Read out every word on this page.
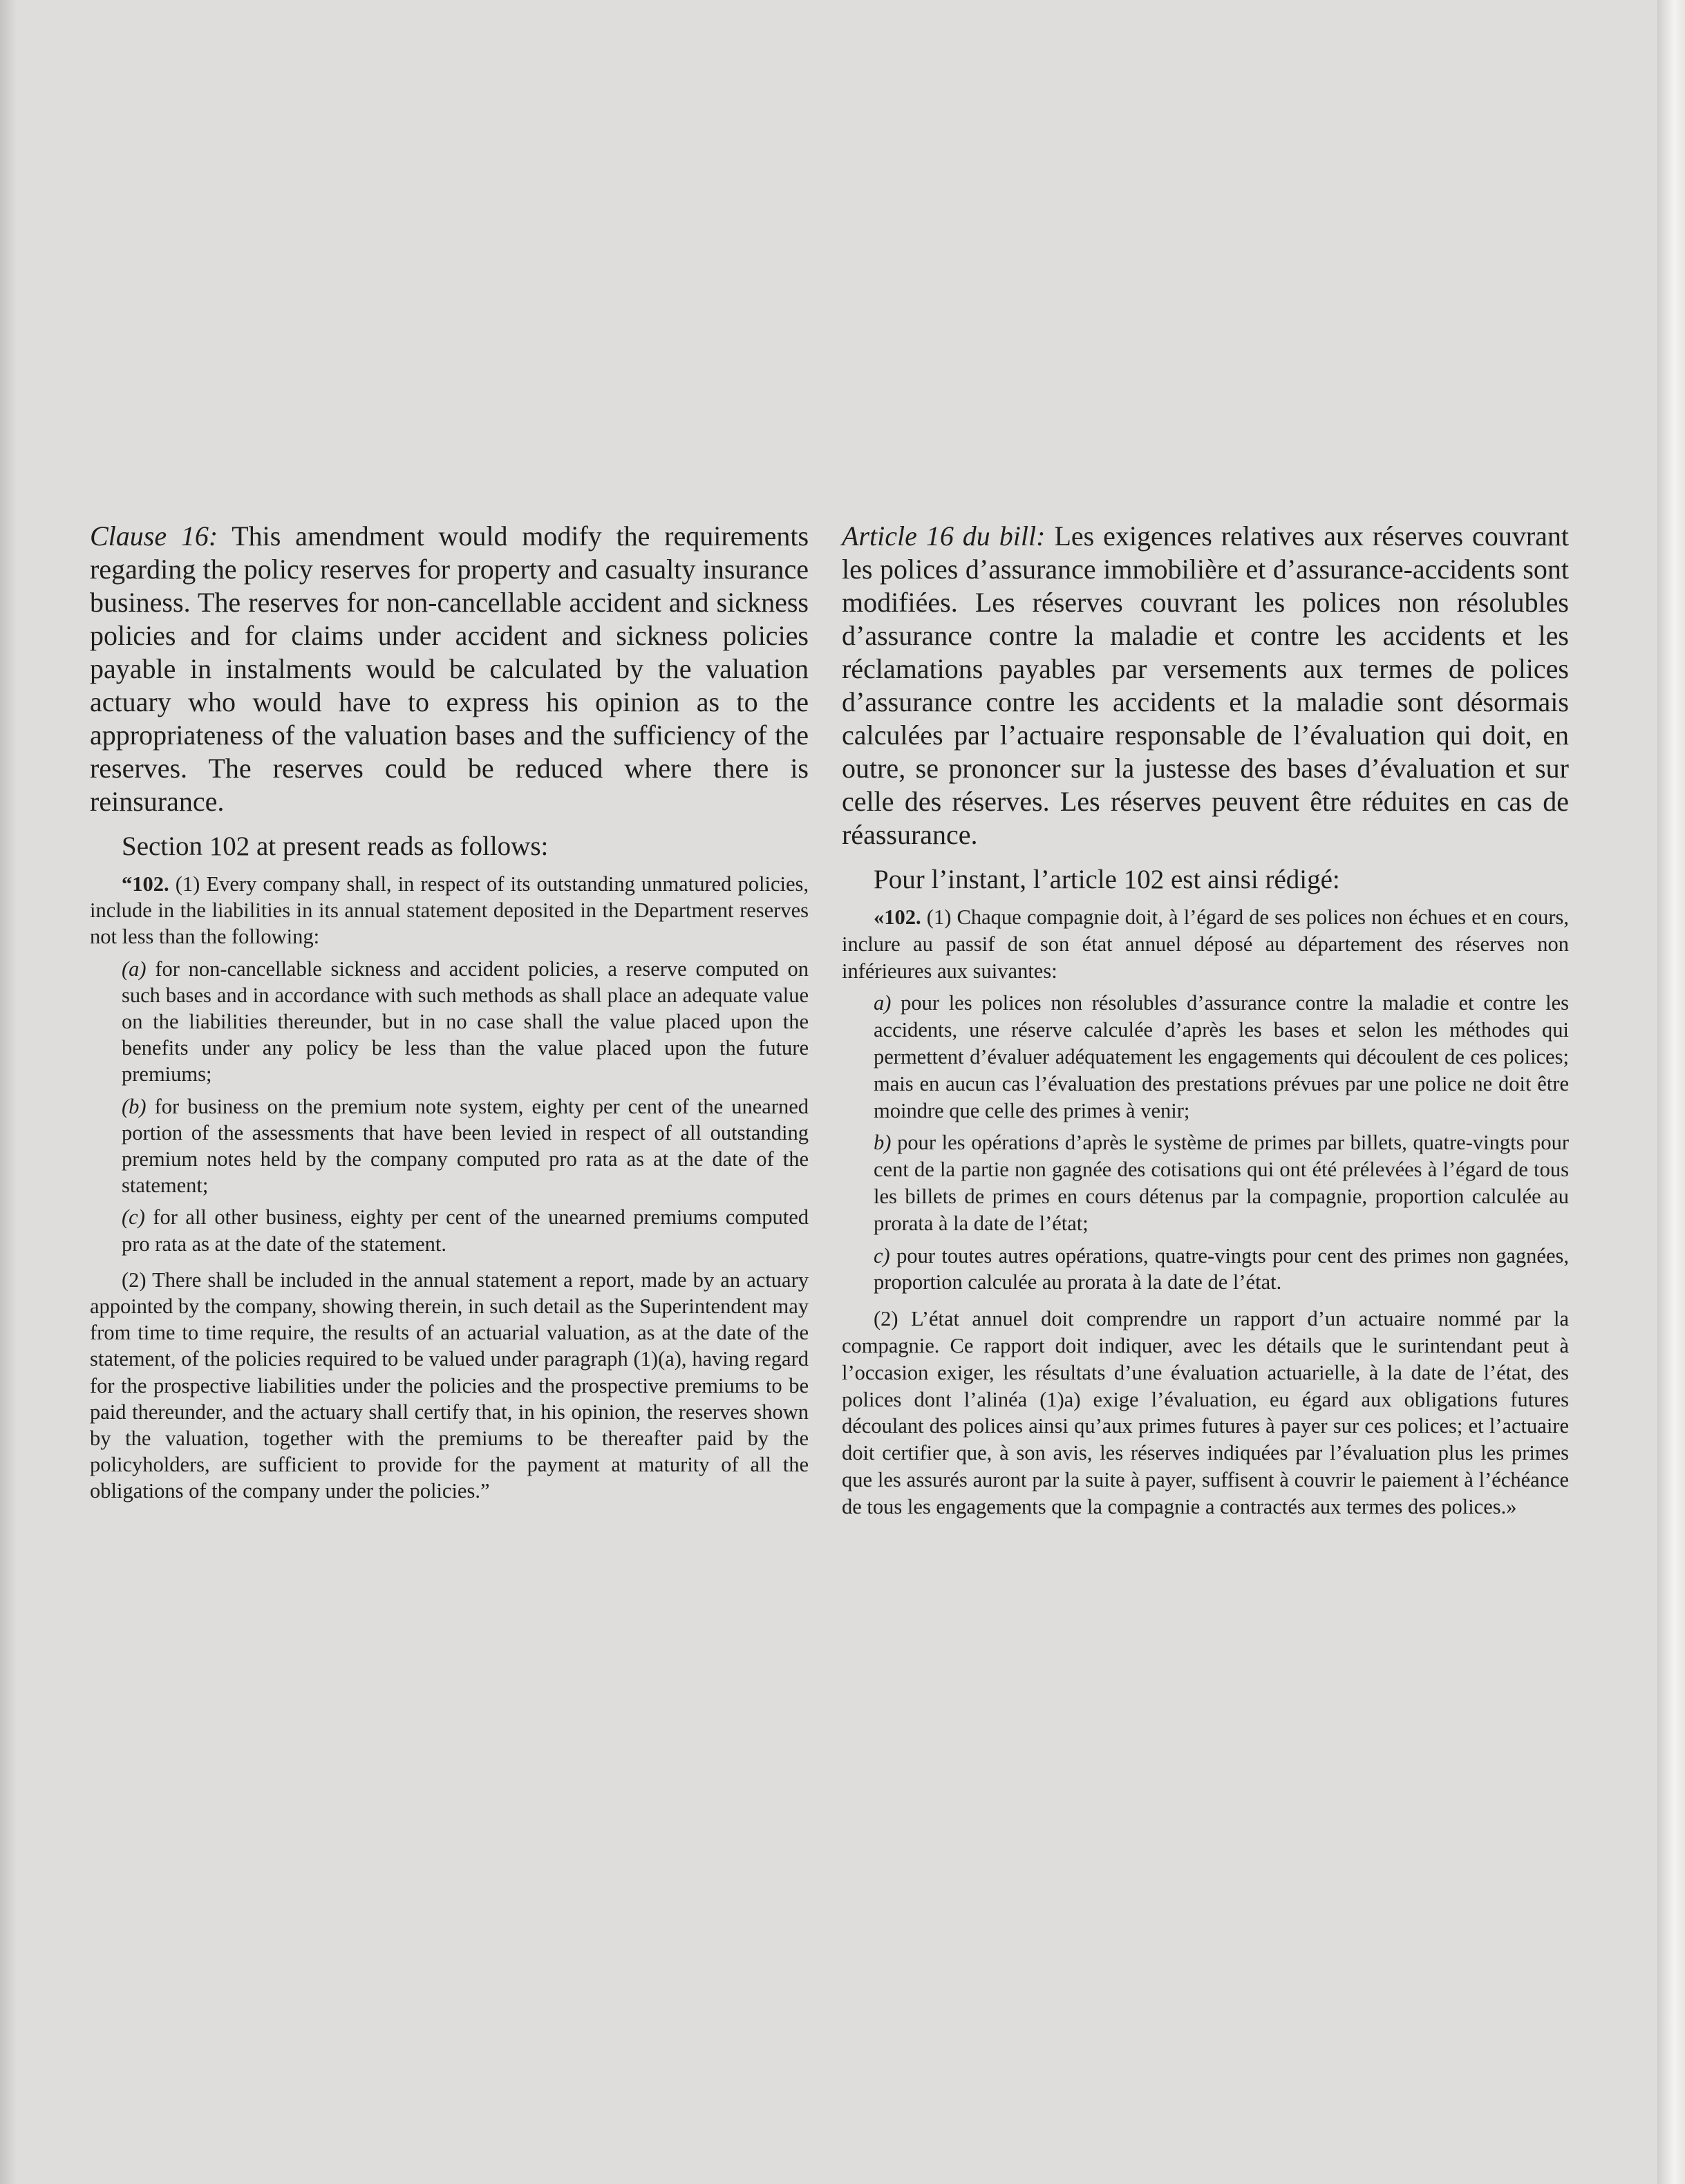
Clause 16: This amendment would modify the requirements regarding the policy reserves for property and casualty insurance business. The reserves for non-cancellable accident and sickness policies and for claims under accident and sickness policies payable in instalments would be calculated by the valuation actuary who would have to express his opinion as to the appropriateness of the valuation bases and the sufficiency of the reserves. The reserves could be reduced where there is reinsurance.

Section 102 at present reads as follows:

“102. (1) Every company shall, in respect of its outstanding unmatured policies, include in the liabilities in its annual statement deposited in the Department reserves not less than the following:

(a) for non-cancellable sickness and accident policies, a reserve computed on such bases and in accordance with such methods as shall place an adequate value on the liabilities thereunder, but in no case shall the value placed upon the benefits under any policy be less than the value placed upon the future premiums;

(b) for business on the premium note system, eighty per cent of the unearned portion of the assessments that have been levied in respect of all outstanding premium notes held by the company computed pro rata as at the date of the statement;

(c) for all other business, eighty per cent of the unearned premiums computed pro rata as at the date of the statement.

(2) There shall be included in the annual statement a report, made by an actuary appointed by the company, showing therein, in such detail as the Superintendent may from time to time require, the results of an actuarial valuation, as at the date of the statement, of the policies required to be valued under paragraph (1)(a), having regard for the prospective liabilities under the policies and the prospective premiums to be paid thereunder, and the actuary shall certify that, in his opinion, the reserves shown by the valuation, together with the premiums to be thereafter paid by the policyholders, are sufficient to provide for the payment at maturity of all the obligations of the company under the policies.”

Article 16 du bill: Les exigences relatives aux réserves couvrant les polices d’assurance immobilière et d’assurance-accidents sont modifiées. Les réserves couvrant les polices non résolubles d’assurance contre la maladie et contre les accidents et les réclamations payables par versements aux termes de polices d’assurance contre les accidents et la maladie sont désormais calculées par l’actuaire responsable de l’évaluation qui doit, en outre, se prononcer sur la justesse des bases d’évaluation et sur celle des réserves. Les réserves peuvent être réduites en cas de réassurance.

Pour l’instant, l’article 102 est ainsi rédigé:

«102. (1) Chaque compagnie doit, à l’égard de ses polices non échues et en cours, inclure au passif de son état annuel déposé au département des réserves non inférieures aux suivantes:

a) pour les polices non résolubles d’assurance contre la maladie et contre les accidents, une réserve calculée d’après les bases et selon les méthodes qui permettent d’évaluer adéquatement les engagements qui découlent de ces polices; mais en aucun cas l’évaluation des prestations prévues par une police ne doit être moindre que celle des primes à venir;

b) pour les opérations d’après le système de primes par billets, quatre-vingts pour cent de la partie non gagnée des cotisations qui ont été prélevées à l’égard de tous les billets de primes en cours détenus par la compagnie, proportion calculée au prorata à la date de l’état;

c) pour toutes autres opérations, quatre-vingts pour cent des primes non gagnées, proportion calculée au prorata à la date de l’état.

(2) L’état annuel doit comprendre un rapport d’un actuaire nommé par la compagnie. Ce rapport doit indiquer, avec les détails que le surintendant peut à l’occasion exiger, les résultats d’une évaluation actuarielle, à la date de l’état, des polices dont l’alinéa (1)a) exige l’évaluation, eu égard aux obligations futures découlant des polices ainsi qu’aux primes futures à payer sur ces polices; et l’actuaire doit certifier que, à son avis, les réserves indiquées par l’évaluation plus les primes que les assurés auront par la suite à payer, suffisent à couvrir le paiement à l’échéance de tous les engagements que la compagnie a contractés aux termes des polices.»
